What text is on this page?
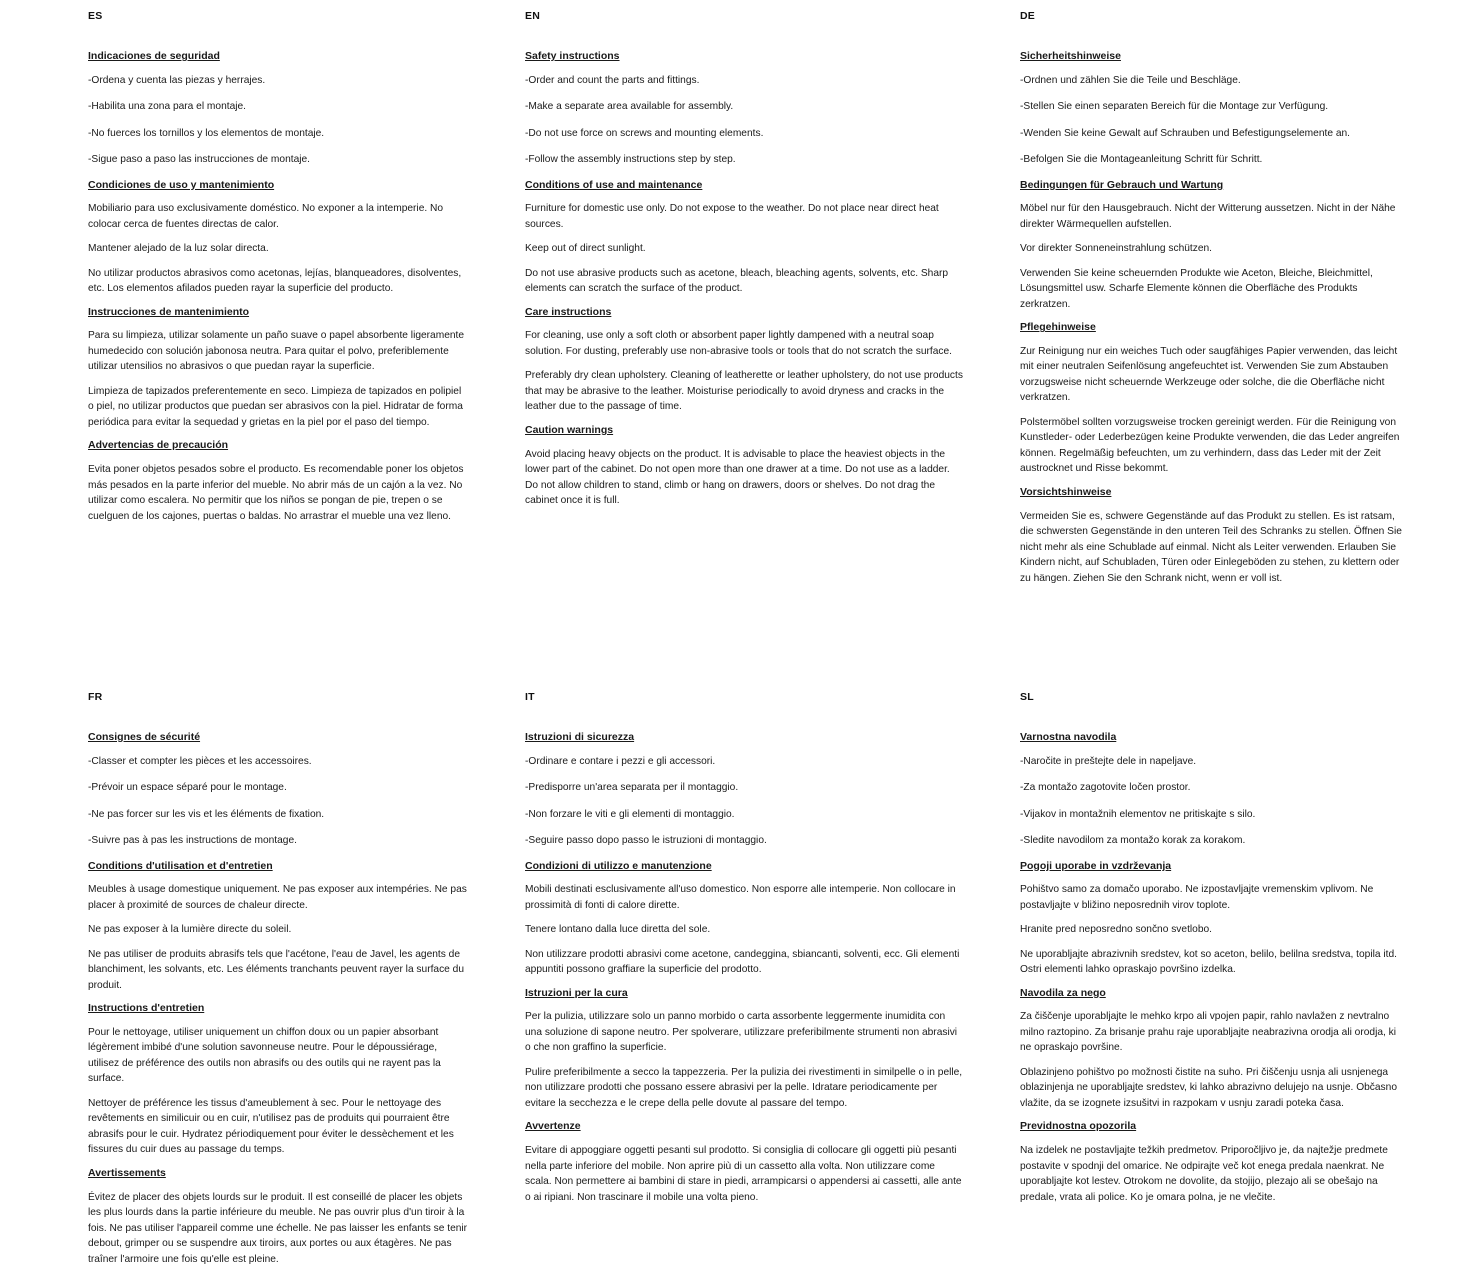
ES
Indicaciones de seguridad

-Ordena y cuenta las piezas y herrajes.

-Habilita una zona para el montaje.

-No fuerces los tornillos y los elementos de montaje.

-Sigue paso a paso las instrucciones de montaje.

Condiciones de uso y mantenimiento

Mobiliario para uso exclusivamente doméstico. No exponer a la intemperie. No colocar cerca de fuentes directas de calor.

Mantener alejado de la luz solar directa.

No utilizar productos abrasivos como acetonas, lejías, blanqueadores, disolventes, etc. Los elementos afilados pueden rayar la superficie del producto.

Instrucciones de mantenimiento

Para su limpieza, utilizar solamente un paño suave o papel absorbente ligeramente humedecido con solución jabonosa neutra. Para quitar el polvo, preferiblemente utilizar utensilios no abrasivos o que puedan rayar la superficie.

Limpieza de tapizados preferentemente en seco. Limpieza de tapizados en polipiel o piel, no utilizar productos que puedan ser abrasivos con la piel. Hidratar de forma periódica para evitar la sequedad y grietas en la piel por el paso del tiempo.

Advertencias de precaución

Evita poner objetos pesados sobre el producto. Es recomendable poner los objetos más pesados en la parte inferior del mueble. No abrir más de un cajón a la vez. No utilizar como escalera. No permitir que los niños se pongan de pie, trepen o se cuelguen de los cajones, puertas o baldas. No arrastrar el mueble una vez lleno.

EN
Safety instructions

-Order and count the parts and fittings.

-Make a separate area available for assembly.

-Do not use force on screws and mounting elements.

-Follow the assembly instructions step by step.

Conditions of use and maintenance

Furniture for domestic use only. Do not expose to the weather. Do not place near direct heat sources.

Keep out of direct sunlight.

Do not use abrasive products such as acetone, bleach, bleaching agents, solvents, etc. Sharp elements can scratch the surface of the product.

Care instructions

For cleaning, use only a soft cloth or absorbent paper lightly dampened with a neutral soap solution. For dusting, preferably use non-abrasive tools or tools that do not scratch the surface.

Preferably dry clean upholstery. Cleaning of leatherette or leather upholstery, do not use products that may be abrasive to the leather. Moisturise periodically to avoid dryness and cracks in the leather due to the passage of time.

Caution warnings

Avoid placing heavy objects on the product. It is advisable to place the heaviest objects in the lower part of the cabinet. Do not open more than one drawer at a time. Do not use as a ladder. Do not allow children to stand, climb or hang on drawers, doors or shelves. Do not drag the cabinet once it is full.

DE
Sicherheitshinweise

-Ordnen und zählen Sie die Teile und Beschläge.

-Stellen Sie einen separaten Bereich für die Montage zur Verfügung.

-Wenden Sie keine Gewalt auf Schrauben und Befestigungselemente an.

-Befolgen Sie die Montageanleitung Schritt für Schritt.

Bedingungen für Gebrauch und Wartung

Möbel nur für den Hausgebrauch. Nicht der Witterung aussetzen. Nicht in der Nähe direkter Wärmequellen aufstellen.

Vor direkter Sonneneinstrahlung schützen.

Verwenden Sie keine scheuernden Produkte wie Aceton, Bleiche, Bleichmittel, Lösungsmittel usw. Scharfe Elemente können die Oberfläche des Produkts zerkratzen.

Pflegehinweise

Zur Reinigung nur ein weiches Tuch oder saugfähiges Papier verwenden, das leicht mit einer neutralen Seifenlösung angefeuchtet ist. Verwenden Sie zum Abstauben vorzugsweise nicht scheuernde Werkzeuge oder solche, die die Oberfläche nicht verkratzen.

Polstermöbel sollten vorzugsweise trocken gereinigt werden. Für die Reinigung von Kunstleder- oder Lederbezügen keine Produkte verwenden, die das Leder angreifen können. Regelmäßig befeuchten, um zu verhindern, dass das Leder mit der Zeit austrocknet und Risse bekommt.

Vorsichtshinweise

Vermeiden Sie es, schwere Gegenstände auf das Produkt zu stellen. Es ist ratsam, die schwersten Gegenstände in den unteren Teil des Schranks zu stellen. Öffnen Sie nicht mehr als eine Schublade auf einmal. Nicht als Leiter verwenden. Erlauben Sie Kindern nicht, auf Schubladen, Türen oder Einlegeböden zu stehen, zu klettern oder zu hängen. Ziehen Sie den Schrank nicht, wenn er voll ist.

FR
Consignes de sécurité

-Classer et compter les pièces et les accessoires.

-Prévoir un espace séparé pour le montage.

-Ne pas forcer sur les vis et les éléments de fixation.

-Suivre pas à pas les instructions de montage.

Conditions d'utilisation et d'entretien

Meubles à usage domestique uniquement. Ne pas exposer aux intempéries. Ne pas placer à proximité de sources de chaleur directe.

Ne pas exposer à la lumière directe du soleil.

Ne pas utiliser de produits abrasifs tels que l'acétone, l'eau de Javel, les agents de blanchiment, les solvants, etc. Les éléments tranchants peuvent rayer la surface du produit.

Instructions d'entretien

Pour le nettoyage, utiliser uniquement un chiffon doux ou un papier absorbant légèrement imbibé d'une solution savonneuse neutre. Pour le dépoussiérage, utilisez de préférence des outils non abrasifs ou des outils qui ne rayent pas la surface.

Nettoyer de préférence les tissus d'ameublement à sec. Pour le nettoyage des revêtements en similicuir ou en cuir, n'utilisez pas de produits qui pourraient être abrasifs pour le cuir. Hydratez périodiquement pour éviter le dessèchement et les fissures du cuir dues au passage du temps.

Avertissements

Évitez de placer des objets lourds sur le produit. Il est conseillé de placer les objets les plus lourds dans la partie inférieure du meuble. Ne pas ouvrir plus d'un tiroir à la fois. Ne pas utiliser l'appareil comme une échelle. Ne pas laisser les enfants se tenir debout, grimper ou se suspendre aux tiroirs, aux portes ou aux étagères. Ne pas traîner l'armoire une fois qu'elle est pleine.

IT
Istruzioni di sicurezza

-Ordinare e contare i pezzi e gli accessori.

-Predisporre un'area separata per il montaggio.

-Non forzare le viti e gli elementi di montaggio.

-Seguire passo dopo passo le istruzioni di montaggio.

Condizioni di utilizzo e manutenzione

Mobili destinati esclusivamente all'uso domestico. Non esporre alle intemperie. Non collocare in prossimità di fonti di calore dirette.

Tenere lontano dalla luce diretta del sole.

Non utilizzare prodotti abrasivi come acetone, candeggina, sbiancanti, solventi, ecc. Gli elementi appuntiti possono graffiare la superficie del prodotto.

Istruzioni per la cura

Per la pulizia, utilizzare solo un panno morbido o carta assorbente leggermente inumidita con una soluzione di sapone neutro. Per spolverare, utilizzare preferibilmente strumenti non abrasivi o che non graffino la superficie.

Pulire preferibilmente a secco la tappezzeria. Per la pulizia dei rivestimenti in similpelle o in pelle, non utilizzare prodotti che possano essere abrasivi per la pelle. Idratare periodicamente per evitare la secchezza e le crepe della pelle dovute al passare del tempo.

Avvertenze

Evitare di appoggiare oggetti pesanti sul prodotto. Si consiglia di collocare gli oggetti più pesanti nella parte inferiore del mobile. Non aprire più di un cassetto alla volta. Non utilizzare come scala. Non permettere ai bambini di stare in piedi, arrampicarsi o appendersi ai cassetti, alle ante o ai ripiani. Non trascinare il mobile una volta pieno.

SL
Varnostna navodila

-Naročite in preštejte dele in napeljave.

-Za montažo zagotovite ločen prostor.

-Vijakov in montažnih elementov ne pritiskajte s silo.

-Sledite navodilom za montažo korak za korakom.

Pogoji uporabe in vzdrževanja

Pohištvo samo za domačo uporabo. Ne izpostavljajte vremenskim vplivom. Ne postavljajte v bližino neposrednih virov toplote.

Hranite pred neposredno sončno svetlobo.

Ne uporabljajte abrazivnih sredstev, kot so aceton, belilo, belilna sredstva, topila itd. Ostri elementi lahko opraskajo površino izdelka.

Navodila za nego

Za čiščenje uporabljajte le mehko krpo ali vpojen papir, rahlo navlažen z nevtralno milno raztopino. Za brisanje prahu raje uporabljajte neabrazivna orodja ali orodja, ki ne opraskajo površine.

Oblazinjeno pohištvo po možnosti čistite na suho. Pri čiščenju usnja ali usnjenega oblazinjenja ne uporabljajte sredstev, ki lahko abrazivno delujejo na usnje. Občasno vlažite, da se izognete izsušitvi in razpokam v usnju zaradi poteka časa.

Previdnostna opozorila

Na izdelek ne postavljajte težkih predmetov. Priporočljivo je, da najtežje predmete postavite v spodnji del omarice. Ne odpirajte več kot enega predala naenkrat. Ne uporabljajte kot lestev. Otrokom ne dovolite, da stojijo, plezajo ali se obešajo na predale, vrata ali police. Ko je omara polna, je ne vlečite.
